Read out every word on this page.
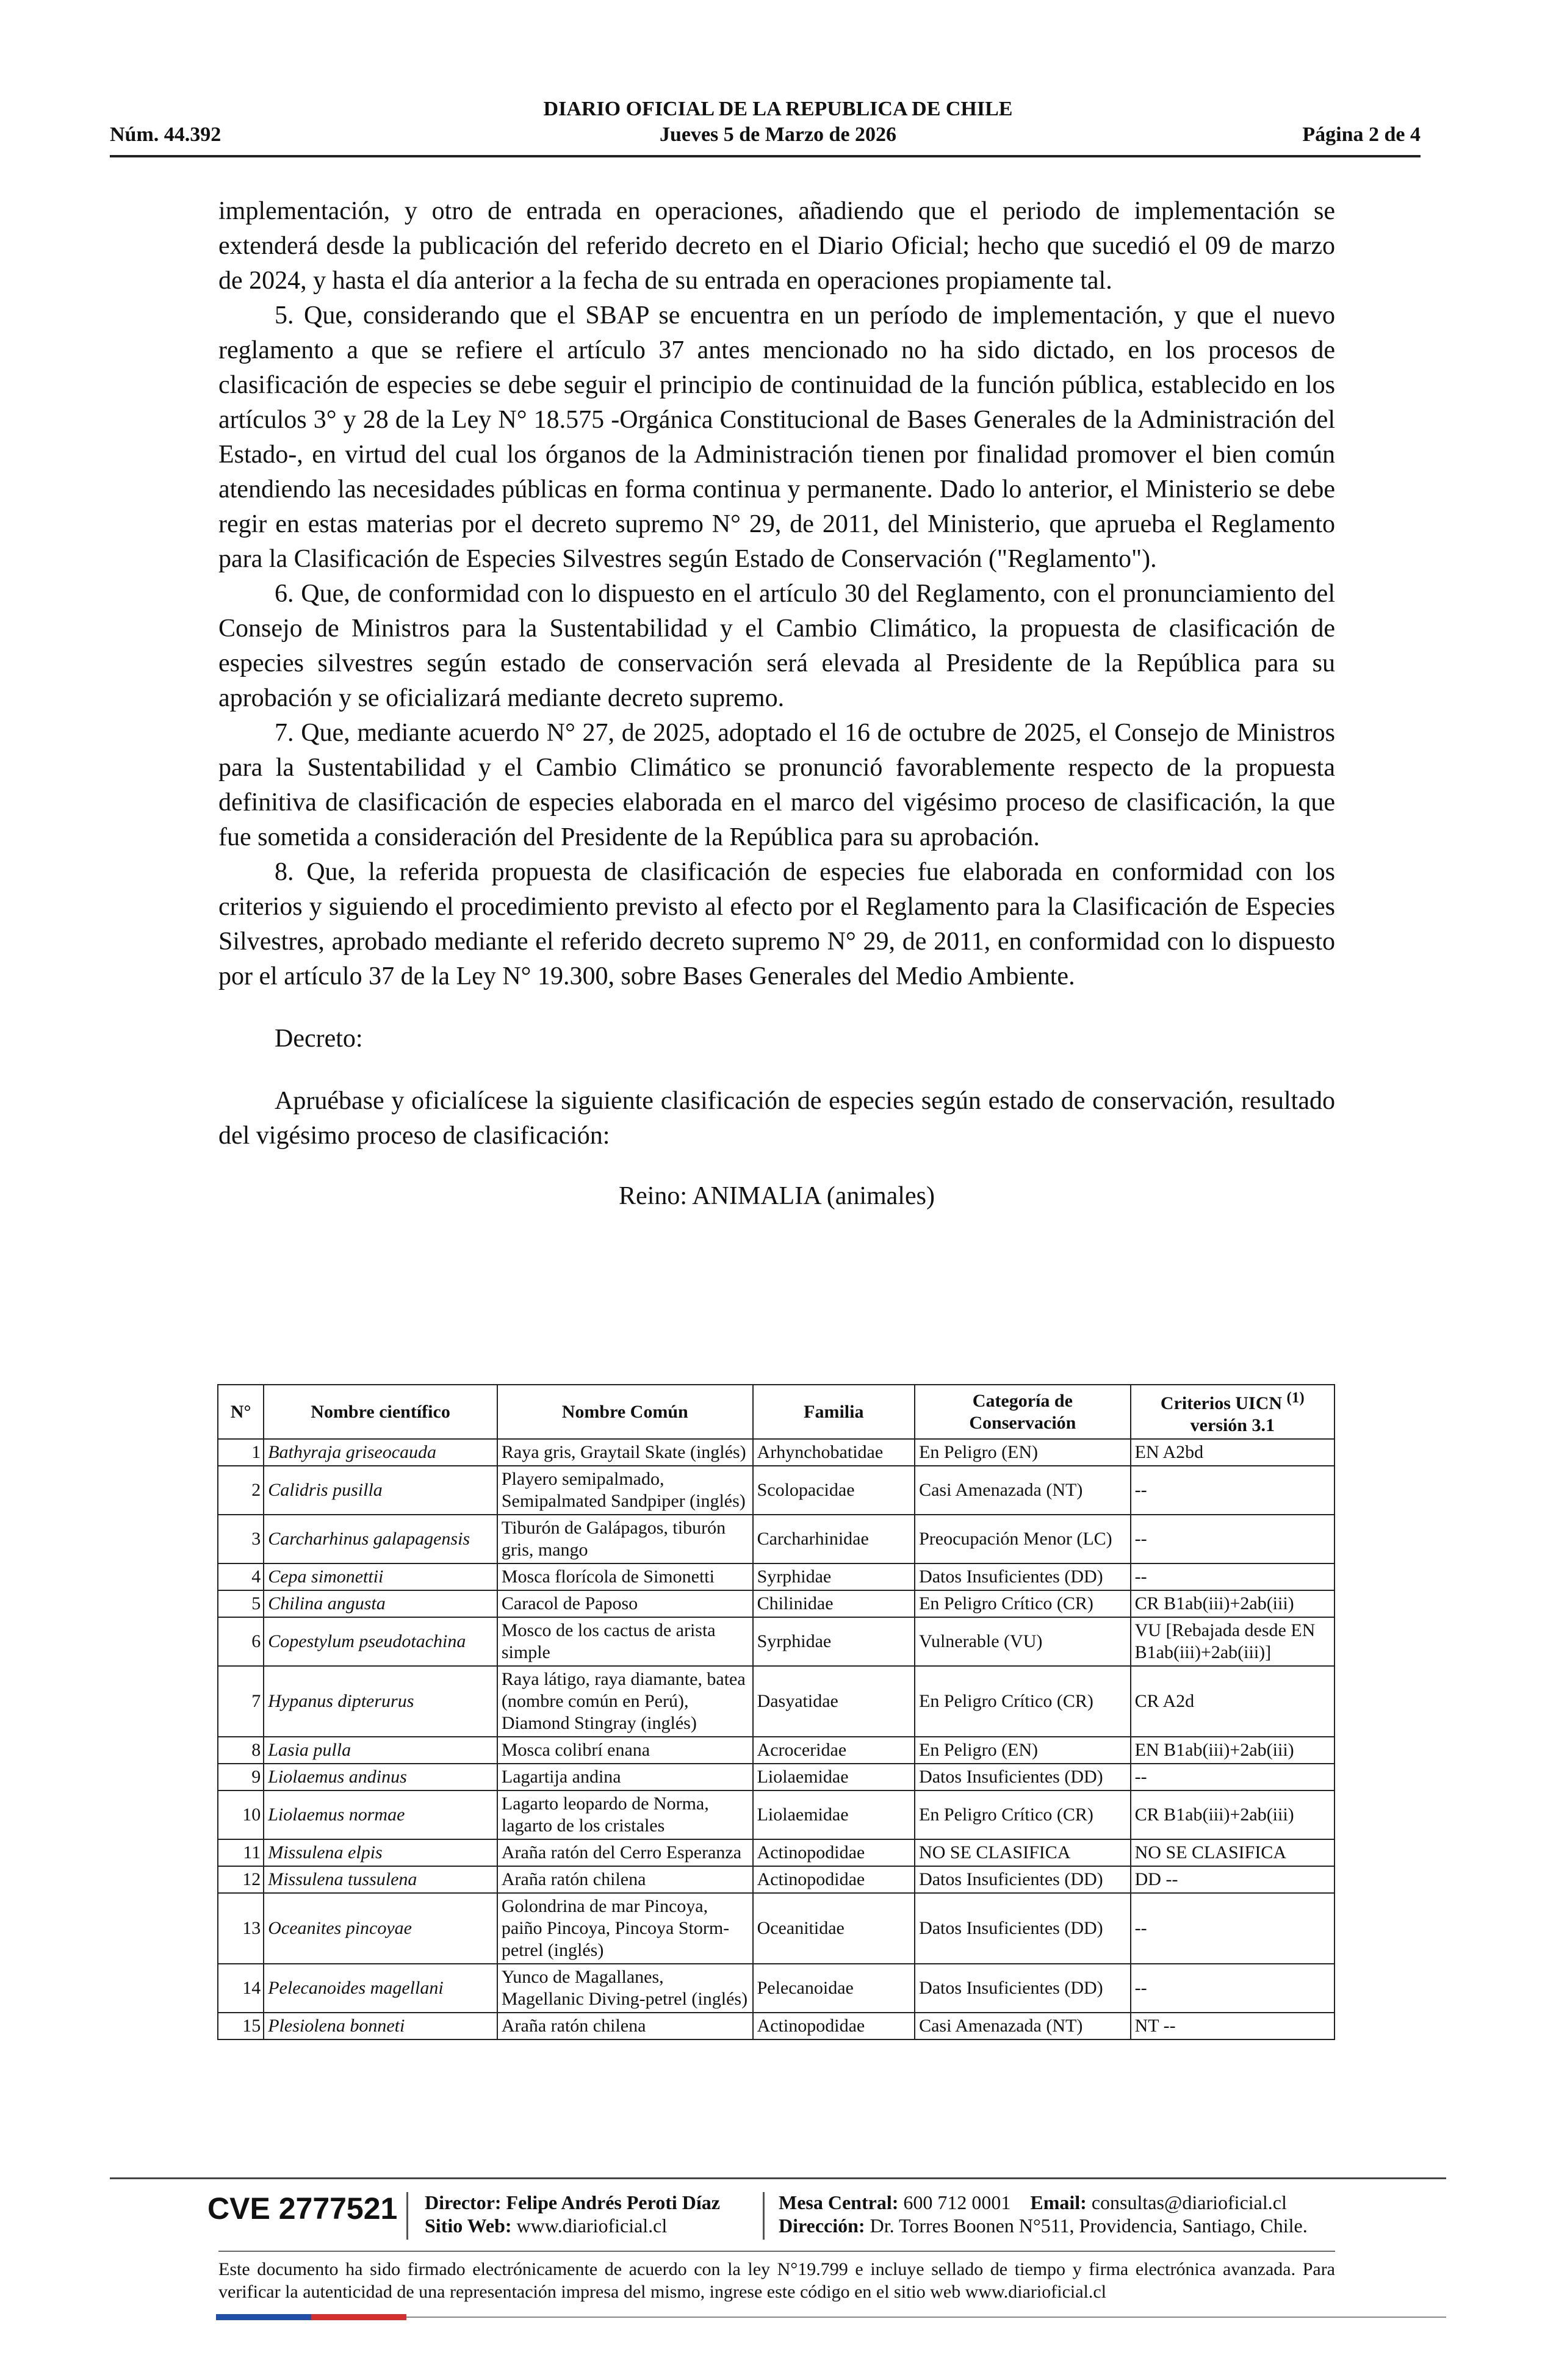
DIARIO OFICIAL DE LA REPUBLICA DE CHILE
Núm. 44.392	Jueves 5 de Marzo de 2026	Página 2 de 4

implementación, y otro de entrada en operaciones, añadiendo que el periodo de implementación se extenderá desde la publicación del referido decreto en el Diario Oficial; hecho que sucedió el 09 de marzo de 2024, y hasta el día anterior a la fecha de su entrada en operaciones propiamente tal.

5. Que, considerando que el SBAP se encuentra en un período de implementación, y que el nuevo reglamento a que se refiere el artículo 37 antes mencionado no ha sido dictado, en los procesos de clasificación de especies se debe seguir el principio de continuidad de la función pública, establecido en los artículos 3° y 28 de la Ley N° 18.575 -Orgánica Constitucional de Bases Generales de la Administración del Estado-, en virtud del cual los órganos de la Administración tienen por finalidad promover el bien común atendiendo las necesidades públicas en forma continua y permanente. Dado lo anterior, el Ministerio se debe regir en estas materias por el decreto supremo N° 29, de 2011, del Ministerio, que aprueba el Reglamento para la Clasificación de Especies Silvestres según Estado de Conservación ("Reglamento").

6. Que, de conformidad con lo dispuesto en el artículo 30 del Reglamento, con el pronunciamiento del Consejo de Ministros para la Sustentabilidad y el Cambio Climático, la propuesta de clasificación de especies silvestres según estado de conservación será elevada al Presidente de la República para su aprobación y se oficializará mediante decreto supremo.

7. Que, mediante acuerdo N° 27, de 2025, adoptado el 16 de octubre de 2025, el Consejo de Ministros para la Sustentabilidad y el Cambio Climático se pronunció favorablemente respecto de la propuesta definitiva de clasificación de especies elaborada en el marco del vigésimo proceso de clasificación, la que fue sometida a consideración del Presidente de la República para su aprobación.

8. Que, la referida propuesta de clasificación de especies fue elaborada en conformidad con los criterios y siguiendo el procedimiento previsto al efecto por el Reglamento para la Clasificación de Especies Silvestres, aprobado mediante el referido decreto supremo N° 29, de 2011, en conformidad con lo dispuesto por el artículo 37 de la Ley N° 19.300, sobre Bases Generales del Medio Ambiente.

Decreto:

Apruébase y oficialícese la siguiente clasificación de especies según estado de conservación, resultado del vigésimo proceso de clasificación:

Reino: ANIMALIA (animales)

N°	Nombre científico	Nombre Común	Familia	Categoría de Conservación	Criterios UICN $^{(1)}$
versión 3.1
1	Bathyraja griseocauda	Raya gris, Graytail Skate (inglés)	Arhynchobatidae	En Peligro (EN)	EN A2bd
2	Calidris pusilla	Playero semipalmado, Semipalmated Sandpiper (inglés)	Scolopacidae	Casi Amenazada (NT)	--
3	Carcharhinus galapagensis	Tiburón de Galápagos, tiburón gris, mango	Carcharhinidae	Preocupación Menor (LC)	--
4	Cepa simonettii	Mosca florícola de Simonetti	Syrphidae	Datos Insuficientes (DD)	--
5	Chilina angusta	Caracol de Paposo	Chilinidae	En Peligro Crítico (CR)	CR B1ab(iii)+2ab(iii)
6	Copestylum pseudotachina	Mosco de los cactus de arista simple	Syrphidae	Vulnerable (VU)	VU [Rebajada desde EN B1ab(iii)+2ab(iii)]
7	Hypanus dipterurus	Raya látigo, raya diamante, batea (nombre común en Perú), Diamond Stingray (inglés)	Dasyatidae	En Peligro Crítico (CR)	CR A2d
8	Lasia pulla	Mosca colibrí enana	Acroceridae	En Peligro (EN)	EN B1ab(iii)+2ab(iii)
9	Liolaemus andinus	Lagartija andina	Liolaemidae	Datos Insuficientes (DD)	--
10	Liolaemus normae	Lagarto leopardo de Norma, lagarto de los cristales	Liolaemidae	En Peligro Crítico (CR)	CR B1ab(iii)+2ab(iii)
11	Missulena elpis	Araña ratón del Cerro Esperanza	Actinopodidae	NO SE CLASIFICA	NO SE CLASIFICA
12	Missulena tussulena	Araña ratón chilena	Actinopodidae	Datos Insuficientes (DD)	DD --
13	Oceanites pincoyae	Golondrina de mar Pincoya, paiño Pincoya, Pincoya Storm-petrel (inglés)	Oceanitidae	Datos Insuficientes (DD)	--
14	Pelecanoides magellani	Yunco de Magallanes, Magellanic Diving-petrel (inglés)	Pelecanoidae	Datos Insuficientes (DD)	--
15	Plesiolena bonneti	Araña ratón chilena	Actinopodidae	Casi Amenazada (NT)	NT --
CVE 2777521 Director: Felipe Andrés Peroti Díaz
Sitio Web: www.diarioficial.cl
Mesa Central: 600 712 0001 Email: consultas@diarioficial.cl
Dirección: Dr. Torres Boonen N°511, Providencia, Santiago, Chile.
Este documento ha sido firmado electrónicamente de acuerdo con la ley N°19.799 e incluye sellado de tiempo y firma electrónica avanzada. Para verificar la autenticidad de una representación impresa del mismo, ingrese este código en el sitio web www.diarioficial.cl
